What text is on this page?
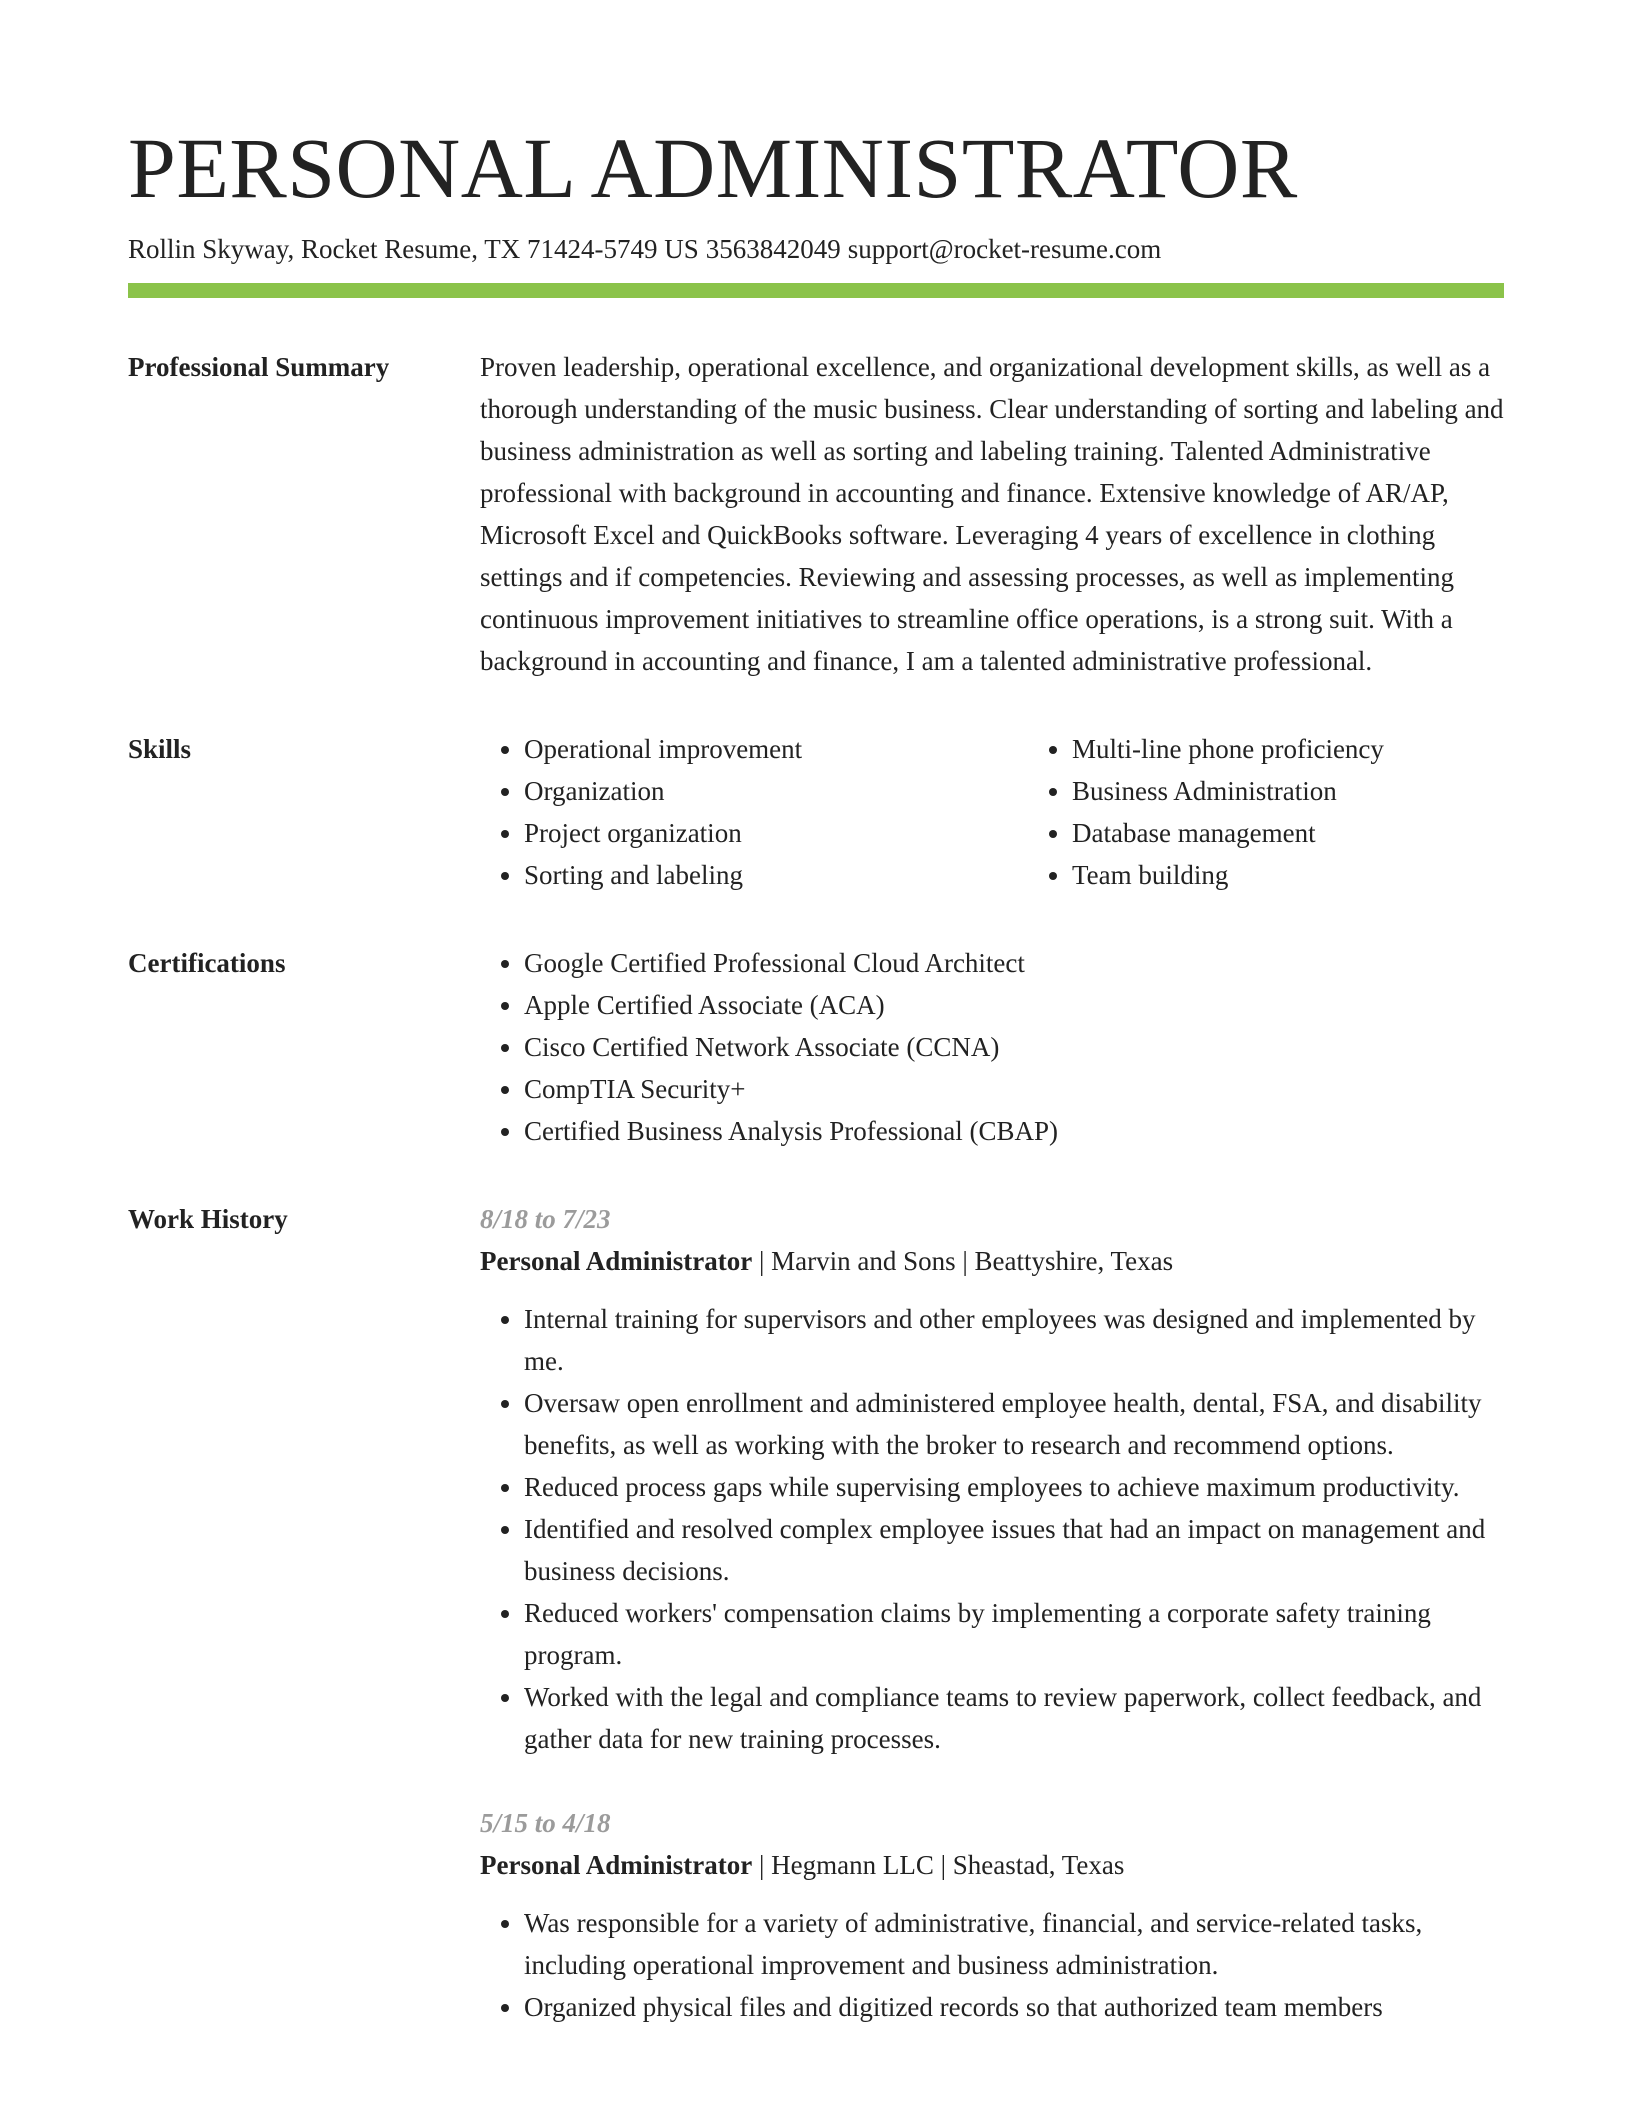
PERSONAL ADMINISTRATOR
Rollin Skyway, Rocket Resume, TX 71424-5749 US 3563842049 support@rocket-resume.com
Professional Summary	Proven leadership, operational excellence, and organizational development skills, as well as a thorough understanding of the music business. Clear understanding of sorting and labeling and business administration as well as sorting and labeling training. Talented Administrative professional with background in accounting and finance. Extensive knowledge of AR/AP, Microsoft Excel and QuickBooks software. Leveraging 4 years of excellence in clothing settings and if competencies. Reviewing and assessing processes, as well as implementing continuous improvement initiatives to streamline office operations, is a strong suit. With a background in accounting and finance, I am a talented administrative professional.

Skills	• Operational improvement
• Organization
• Project organization
• Sorting and labeling
• Multi-line phone proficiency
• Business Administration
• Database management
• Team building
Certifications	• Google Certified Professional Cloud Architect
• Apple Certified Associate (ACA)
• Cisco Certified Network Associate (CCNA)
• CompTIA Security+
• Certified Business Analysis Professional (CBAP)
Work History	8/18 to 7/23
Personal Administrator | Marvin and Sons | Beattyshire, Texas
• Internal training for supervisors and other employees was designed and implemented by me.
• Oversaw open enrollment and administered employee health, dental, FSA, and disability benefits, as well as working with the broker to research and recommend options.
• Reduced process gaps while supervising employees to achieve maximum productivity.
• Identified and resolved complex employee issues that had an impact on management and business decisions.
• Reduced workers' compensation claims by implementing a corporate safety training program.
• Worked with the legal and compliance teams to review paperwork, collect feedback, and gather data for new training processes.
5/15 to 4/18
Personal Administrator | Hegmann LLC | Sheastad, Texas
• Was responsible for a variety of administrative, financial, and service-related tasks, including operational improvement and business administration.
• Organized physical files and digitized records so that authorized team members
